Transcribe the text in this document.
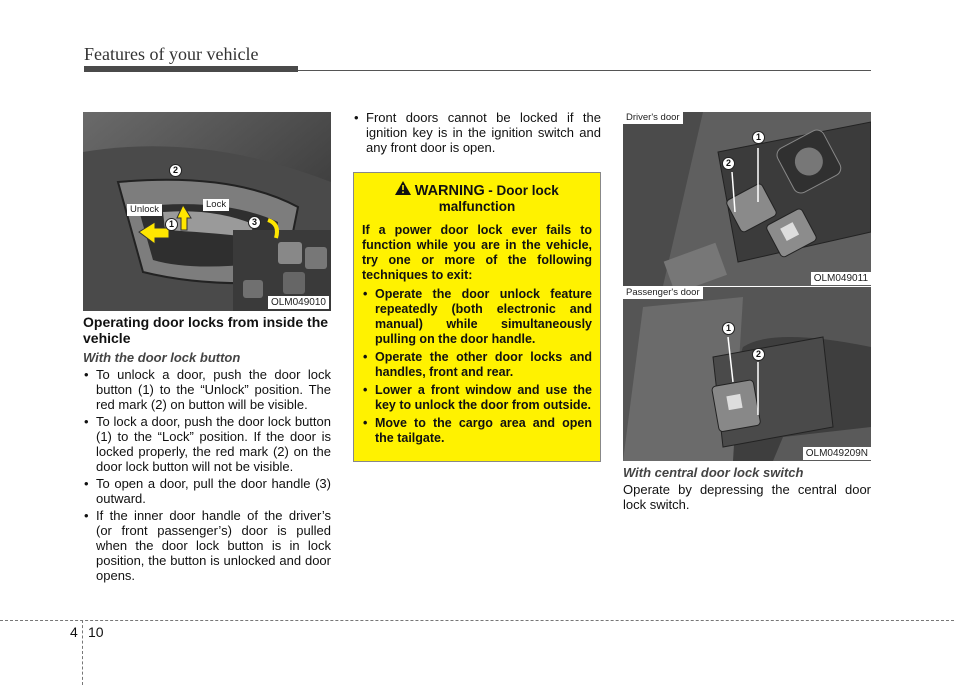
Features of your vehicle
Unlock	Lock
1
2
3
OLM049010
Operating door locks from inside the vehicle
With the door lock button
• To unlock a door, push the door lock button (1) to the “Unlock” position. The red mark (2) on button will be visible.
• To lock a door, push the door lock button (1) to the “Lock” position. If the door is locked properly, the red mark (2) on the door lock button will not be visible.
• To open a door, pull the door handle (3) outward.
• If the inner door handle of the driver’s (or front passenger’s) door is pulled when the door lock button is in lock position, the button is unlocked and door opens.
• Front doors cannot be locked if the ignition key is in the ignition switch and any front door is open.
WARNING - Door lock malfunction

If a power door lock ever fails to function while you are in the vehicle, try one or more of the following techniques to exit:

• Operate the door unlock feature repeatedly (both electronic and manual) while simultaneously pulling on the door handle.
• Operate the other door locks and handles, front and rear.
• Lower a front window and use the key to unlock the door from outside.
• Move to the cargo area and open the tailgate.
Driver's door
1
2
OLM049011
Passenger's door
1
2
OLM049209N
With central door lock switch
Operate by depressing the central door lock switch.
4 10
